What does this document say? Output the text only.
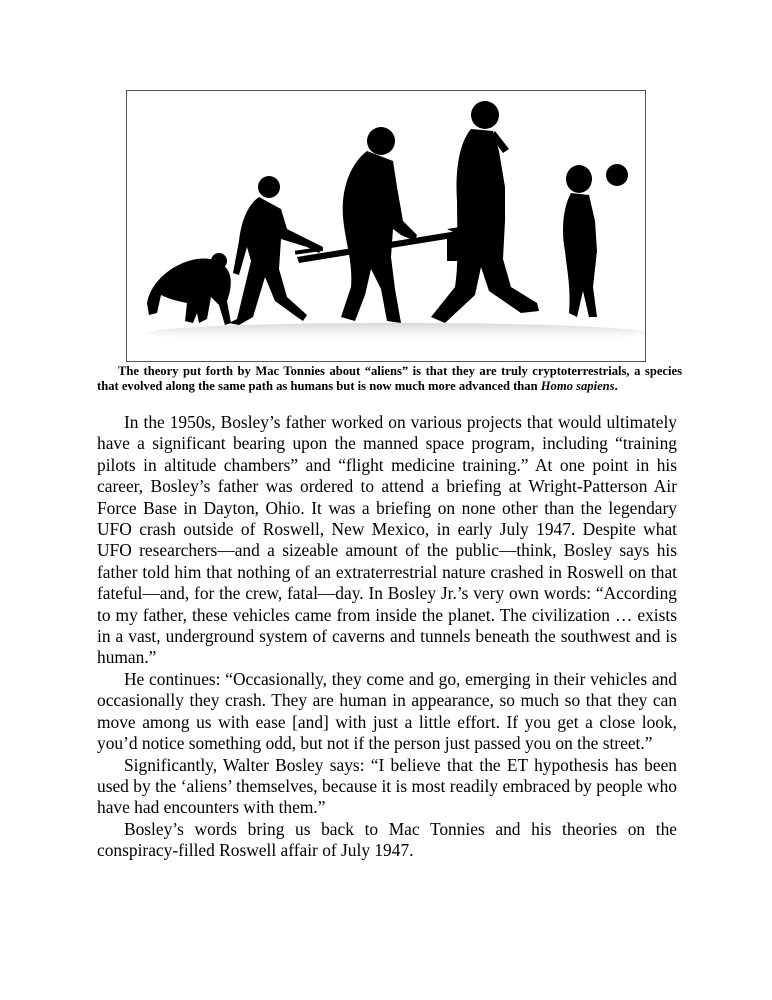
The theory put forth by Mac Tonnies about “aliens” is that they are truly cryptoterrestrials, a species that evolved along the same path as humans but is now much more advanced than Homo sapiens.

In the 1950s, Bosley’s father worked on various projects that would ultimately have a significant bearing upon the manned space program, including “training pilots in altitude chambers” and “flight medicine training.” At one point in his career, Bosley’s father was ordered to attend a briefing at Wright-Patterson Air Force Base in Dayton, Ohio. It was a briefing on none other than the legendary UFO crash outside of Roswell, New Mexico, in early July 1947. Despite what UFO researchers—and a sizeable amount of the public—think, Bosley says his father told him that nothing of an extraterrestrial nature crashed in Roswell on that fateful—and, for the crew, fatal—day. In Bosley Jr.’s very own words: “According to my father, these vehicles came from inside the planet. The civilization … exists in a vast, underground system of caverns and tunnels beneath the southwest and is human.”

He continues: “Occasionally, they come and go, emerging in their vehicles and occasionally they crash. They are human in appearance, so much so that they can move among us with ease [and] with just a little effort. If you get a close look, you’d notice something odd, but not if the person just passed you on the street.”

Significantly, Walter Bosley says: “I believe that the ET hypothesis has been used by the ‘aliens’ themselves, because it is most readily embraced by people who have had encounters with them.”

Bosley’s words bring us back to Mac Tonnies and his theories on the conspiracy-filled Roswell affair of July 1947.
